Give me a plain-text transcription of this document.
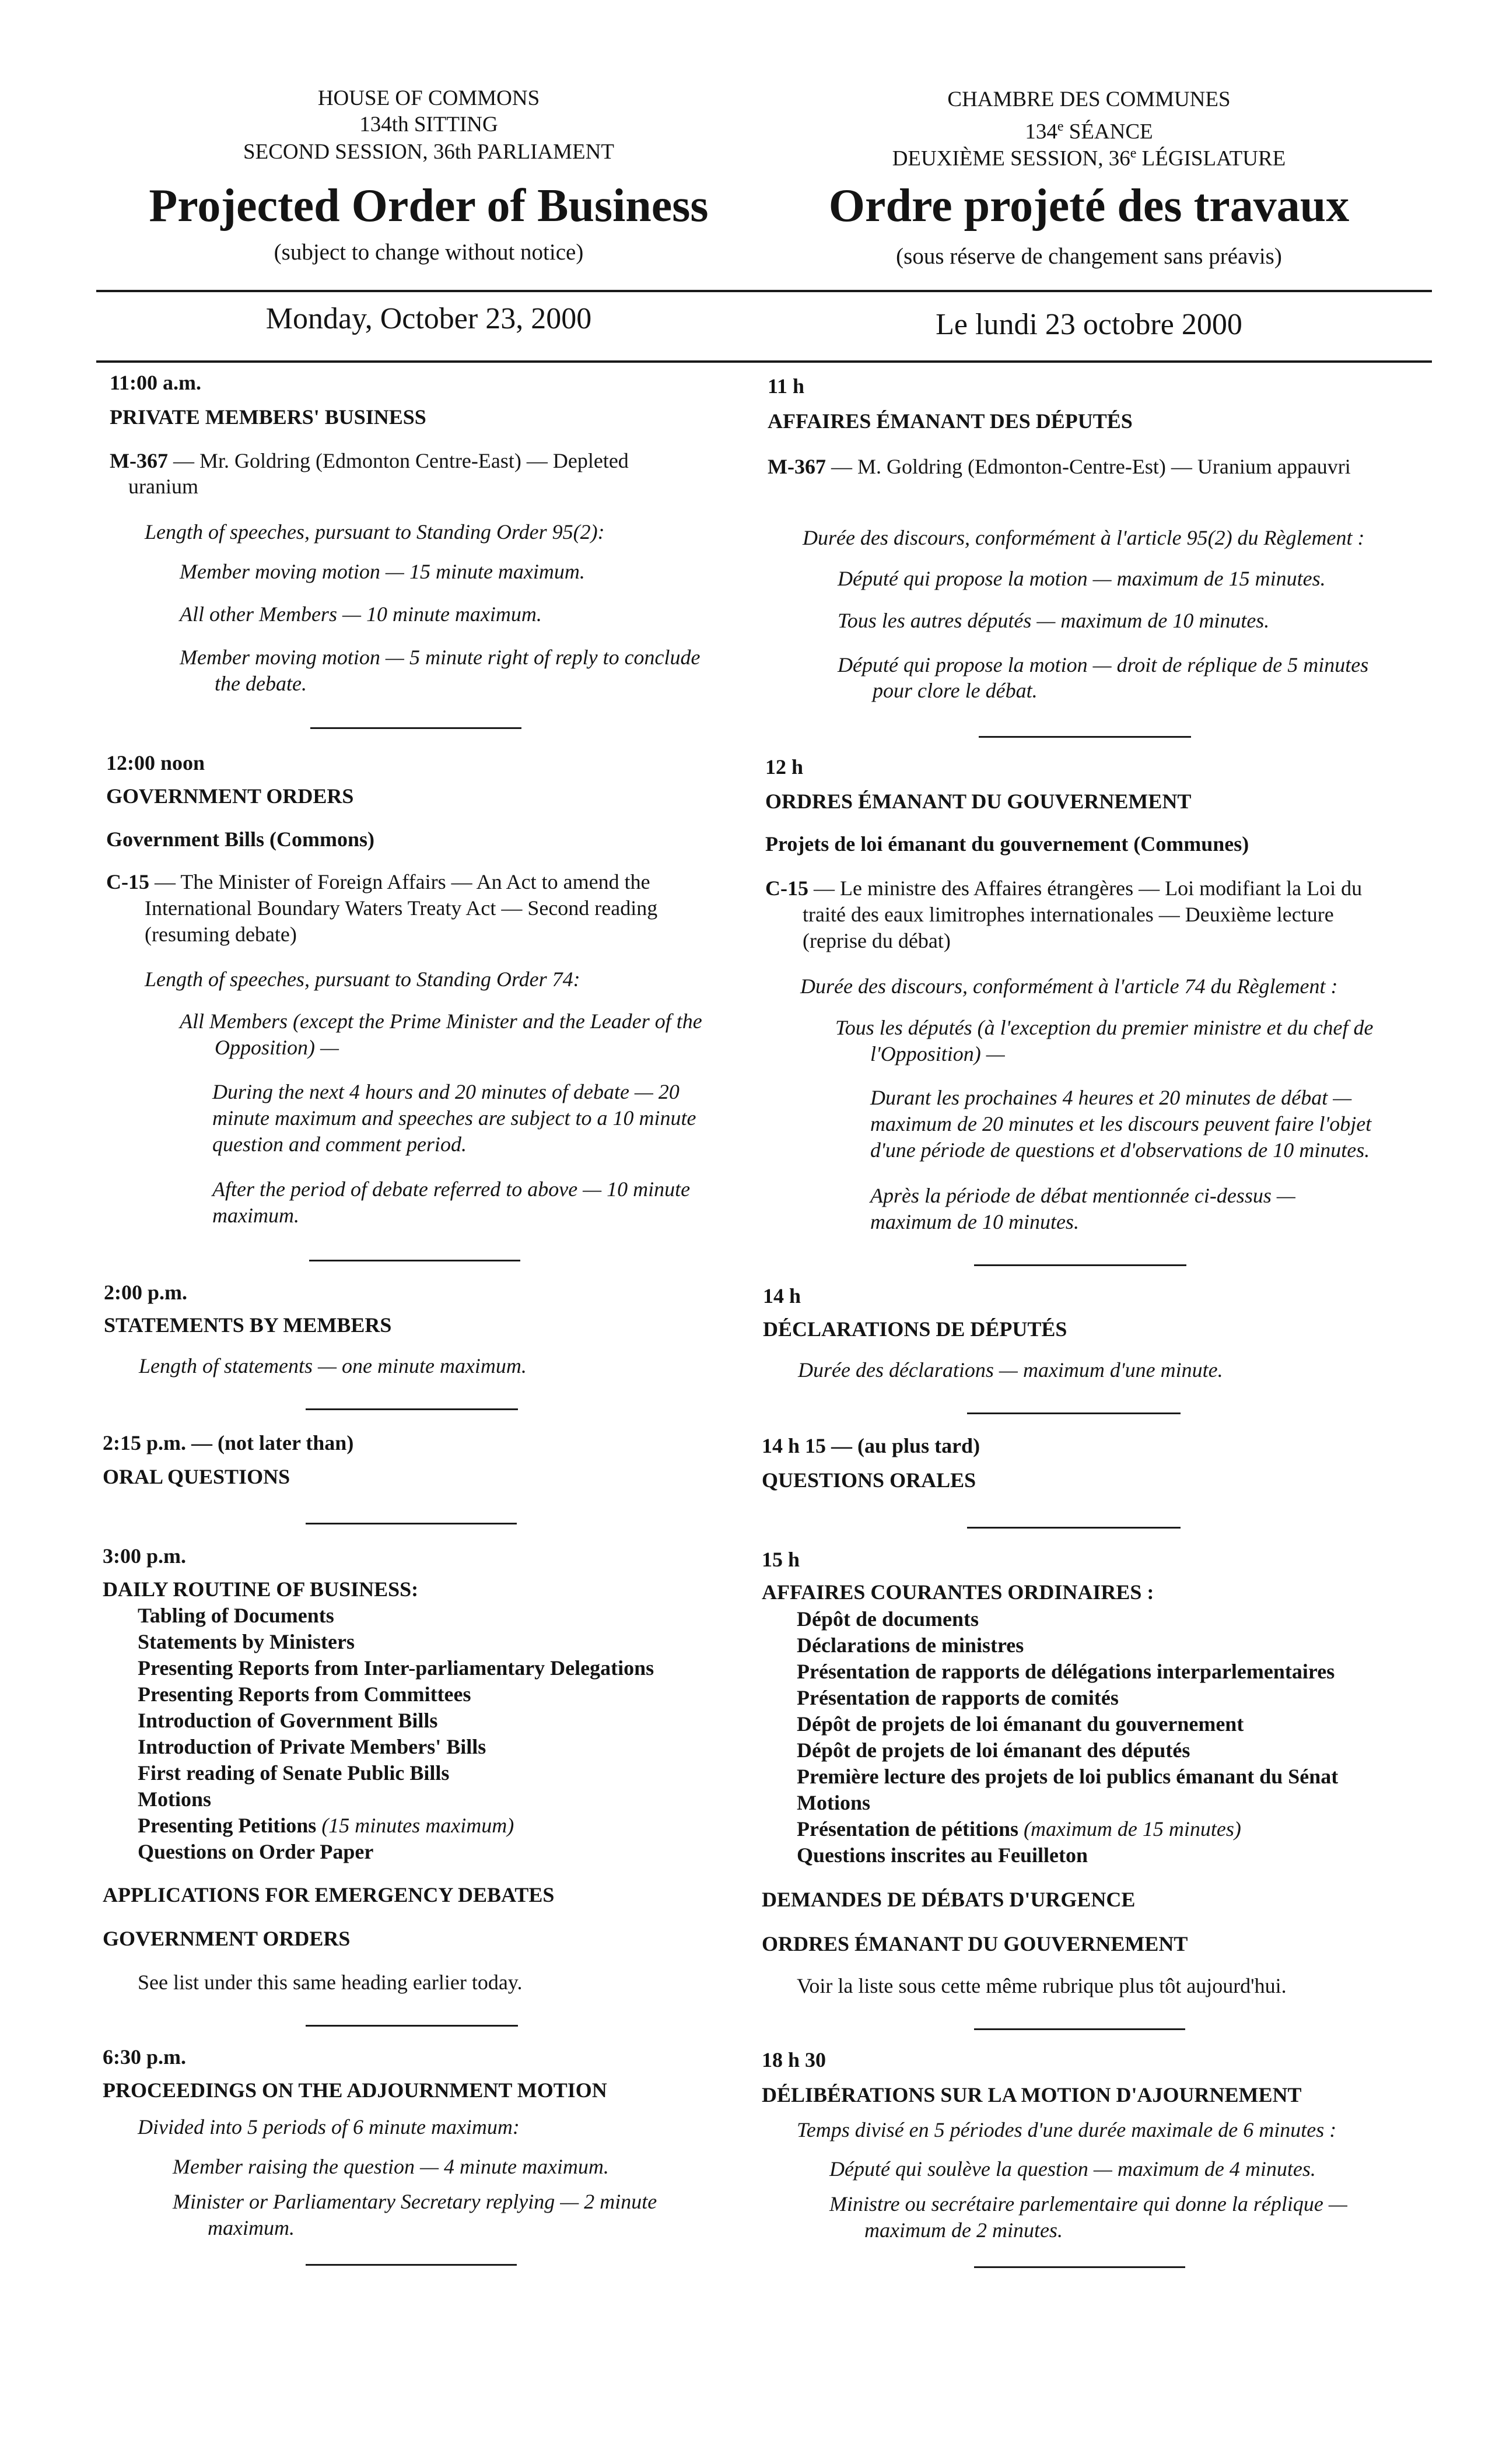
HOUSE OF COMMONS

134th SITTING

SECOND SESSION, 36th PARLIAMENT

Projected Order of Business

(subject to change without notice)

Monday, October 23, 2000

11:00 a.m.

PRIVATE MEMBERS' BUSINESS

M-367 — Mr. Goldring (Edmonton Centre-East) — Depleted

uranium

Length of speeches, pursuant to Standing Order 95(2):

Member moving motion — 15 minute maximum.

All other Members — 10 minute maximum.

Member moving motion — 5 minute right of reply to conclude

the debate.

12:00 noon

GOVERNMENT ORDERS

Government Bills (Commons)

C-15 — The Minister of Foreign Affairs — An Act to amend the

International Boundary Waters Treaty Act — Second reading

(resuming debate)

Length of speeches, pursuant to Standing Order 74:

All Members (except the Prime Minister and the Leader of the

Opposition) —

During the next 4 hours and 20 minutes of debate — 20

minute maximum and speeches are subject to a 10 minute

question and comment period.

After the period of debate referred to above — 10 minute

maximum.

2:00 p.m.

STATEMENTS BY MEMBERS

Length of statements — one minute maximum.

2:15 p.m. — (not later than)

ORAL QUESTIONS

3:00 p.m.

DAILY ROUTINE OF BUSINESS:

Tabling of Documents

Statements by Ministers

Presenting Reports from Inter-parliamentary Delegations

Presenting Reports from Committees

Introduction of Government Bills

Introduction of Private Members' Bills

First reading of Senate Public Bills

Motions

Presenting Petitions (15 minutes maximum)

Questions on Order Paper

APPLICATIONS FOR EMERGENCY DEBATES

GOVERNMENT ORDERS

See list under this same heading earlier today.

6:30 p.m.

PROCEEDINGS ON THE ADJOURNMENT MOTION

Divided into 5 periods of 6 minute maximum:

Member raising the question — 4 minute maximum.

Minister or Parliamentary Secretary replying — 2 minute

maximum.

CHAMBRE DES COMMUNES

134e SÉANCE

DEUXIÈME SESSION, 36e LÉGISLATURE

Ordre projeté des travaux

(sous réserve de changement sans préavis)

Le lundi 23 octobre 2000

11 h

AFFAIRES ÉMANANT DES DÉPUTÉS

M-367 — M. Goldring (Edmonton-Centre-Est) — Uranium appauvri

Durée des discours, conformément à l'article 95(2) du Règlement :

Député qui propose la motion — maximum de 15 minutes.

Tous les autres députés — maximum de 10 minutes.

Député qui propose la motion — droit de réplique de 5 minutes

pour clore le débat.

12 h

ORDRES ÉMANANT DU GOUVERNEMENT

Projets de loi émanant du gouvernement (Communes)

C-15 — Le ministre des Affaires étrangères — Loi modifiant la Loi du

traité des eaux limitrophes internationales — Deuxième lecture

(reprise du débat)

Durée des discours, conformément à l'article 74 du Règlement :

Tous les députés (à l'exception du premier ministre et du chef de

l'Opposition) —

Durant les prochaines 4 heures et 20 minutes de débat —

maximum de 20 minutes et les discours peuvent faire l'objet

d'une période de questions et d'observations de 10 minutes.

Après la période de débat mentionnée ci-dessus —

maximum de 10 minutes.

14 h

DÉCLARATIONS DE DÉPUTÉS

Durée des déclarations — maximum d'une minute.

14 h 15 — (au plus tard)

QUESTIONS ORALES

15 h

AFFAIRES COURANTES ORDINAIRES :

Dépôt de documents

Déclarations de ministres

Présentation de rapports de délégations interparlementaires

Présentation de rapports de comités

Dépôt de projets de loi émanant du gouvernement

Dépôt de projets de loi émanant des députés

Première lecture des projets de loi publics émanant du Sénat

Motions

Présentation de pétitions (maximum de 15 minutes)

Questions inscrites au Feuilleton

DEMANDES DE DÉBATS D'URGENCE

ORDRES ÉMANANT DU GOUVERNEMENT

Voir la liste sous cette même rubrique plus tôt aujourd'hui.

18 h 30

DÉLIBÉRATIONS SUR LA MOTION D'AJOURNEMENT

Temps divisé en 5 périodes d'une durée maximale de 6 minutes :

Député qui soulève la question — maximum de 4 minutes.

Ministre ou secrétaire parlementaire qui donne la réplique —

maximum de 2 minutes.
